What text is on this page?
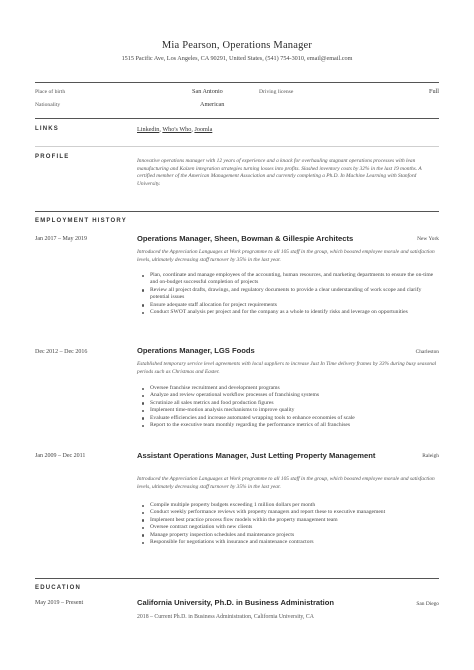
Mia Pearson, Operations Manager
1515 Pacific Ave, Los Angeles, CA 90291, United States, (541) 754-3010, email@email.com
Place of birth	San Antonio	Driving license	Full
Nationality	American
LINKS	Linkedin, Who's Who, Joomla
PROFILE
Innovative operations manager with 12 years of experience and a knack for overhauling stagnant operations processes with lean manufacturing and Kaizen integration strategies turning losses into profits. Slashed inventory costs by 32% in the last 19 months. A certified member of the American Management Association and currently completing a Ph.D. In Machine Learning with Stanford University.
EMPLOYMENT HISTORY
Jan 2017 – May 2019	Operations Manager, Sheen, Bowman & Gillespie Architects	New York
Introduced the Appreciation Languages at Work programme to all 105 staff in the group, which boosted employee morale and satisfaction levels, ultimately decreasing staff turnover by 35% in the last year.
Plan, coordinate and manage employees of the accounting, human resources, and marketing departments to ensure the on-time and on-budget successful completion of projects
Review all project drafts, drawings, and regulatory documents to provide a clear understanding of work scope and clarify potential issues
Ensure adequate staff allocation for project requirements
Conduct SWOT analysis per project and for the company as a whole to identify risks and leverage on opportunities
Dec 2012 – Dec 2016	Operations Manager, LGS Foods	Charleston
Established temporary service level agreements with local suppliers to increase Just In Time delivery frames by 33% during busy seasonal periods such as Christmas and Easter.
Oversee franchise recruitment and development programs
Analyze and review operational workflow processes of franchising systems
Scrutinize all sales metrics and food production figures
Implement time-motion analysis mechanisms to improve quality
Evaluate efficiencies and increase automated wrapping tools to enhance economies of scale
Report to the executive team monthly regarding the performance metrics of all franchises
Jan 2009 – Dec 2011	Assistant Operations Manager, Just Letting Property Management	Raleigh
Introduced the Appreciation Languages at Work programme to all 105 staff in the group, which boosted employee morale and satisfaction levels, ultimately decreasing staff turnover by 35% in the last year.
Compile multiple property budgets exceeding 1 million dollars per month
Conduct weekly performance reviews with property managers and report these to executive management
Implement best practice process flow models within the property management team
Oversee contract negotiation with new clients
Manage property inspection schedules and maintenance projects
Responsible for negotiations with insurance and maintenance contractors
EDUCATION
May 2019 – Present	California University, Ph.D. in Business Administration	San Diego
2018 – Current Ph.D. in Business Administration, California University, CA
